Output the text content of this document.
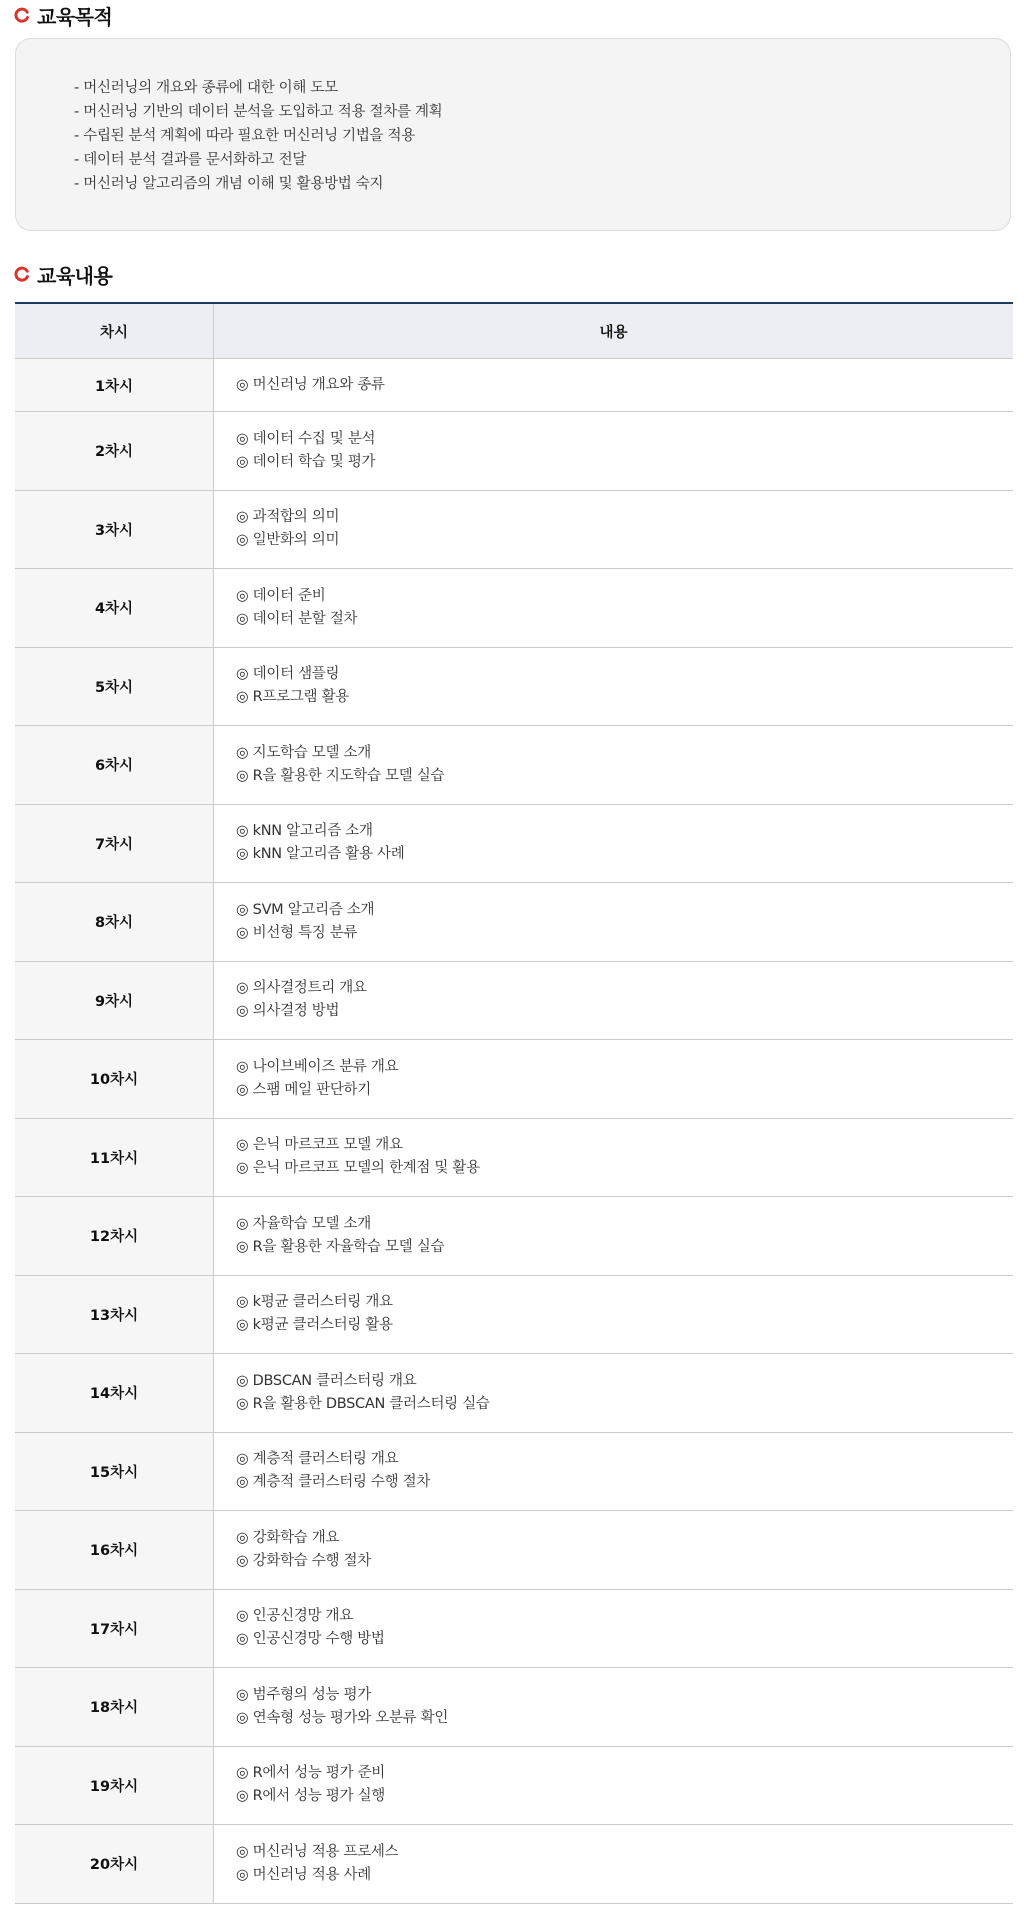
교육목적
- 머신러닝의 개요와 종류에 대한 이해 도모
- 머신러닝 기반의 데이터 분석을 도입하고 적용 절차를 계획
- 수립된 분석 계획에 따라 필요한 머신러닝 기법을 적용
- 데이터 분석 결과를 문서화하고 전달
- 머신러닝 알고리즘의 개념 이해 및 활용방법 숙지
교육내용
차시	내용
1차시	◎ 머신러닝 개요와 종류
2차시
◎ 데이터 수집 및 분석
◎ 데이터 학습 및 평가
3차시
◎ 과적합의 의미
◎ 일반화의 의미
4차시
◎ 데이터 준비
◎ 데이터 분할 절차
5차시
◎ 데이터 샘플링
◎ R프로그램 활용
6차시
◎ 지도학습 모델 소개
◎ R을 활용한 지도학습 모델 실습
7차시
◎ kNN 알고리즘 소개
◎ kNN 알고리즘 활용 사례
8차시
◎ SVM 알고리즘 소개
◎ 비선형 특징 분류
9차시
◎ 의사결정트리 개요
◎ 의사결정 방법
10차시
◎ 나이브베이즈 분류 개요
◎ 스팸 메일 판단하기
11차시
◎ 은닉 마르코프 모델 개요
◎ 은닉 마르코프 모델의 한계점 및 활용
12차시
◎ 자율학습 모델 소개
◎ R을 활용한 자율학습 모델 실습
13차시
◎ k평균 클러스터링 개요
◎ k평균 클러스터링 활용
14차시
◎ DBSCAN 클러스터링 개요
◎ R을 활용한 DBSCAN 클러스터링 실습
15차시
◎ 계층적 클러스터링 개요
◎ 계층적 클러스터링 수행 절차
16차시
◎ 강화학습 개요
◎ 강화학습 수행 절차
17차시
◎ 인공신경망 개요
◎ 인공신경망 수행 방법
18차시
◎ 범주형의 성능 평가
◎ 연속형 성능 평가와 오분류 확인
19차시
◎ R에서 성능 평가 준비
◎ R에서 성능 평가 실행
20차시
◎ 머신러닝 적용 프로세스
◎ 머신러닝 적용 사례
